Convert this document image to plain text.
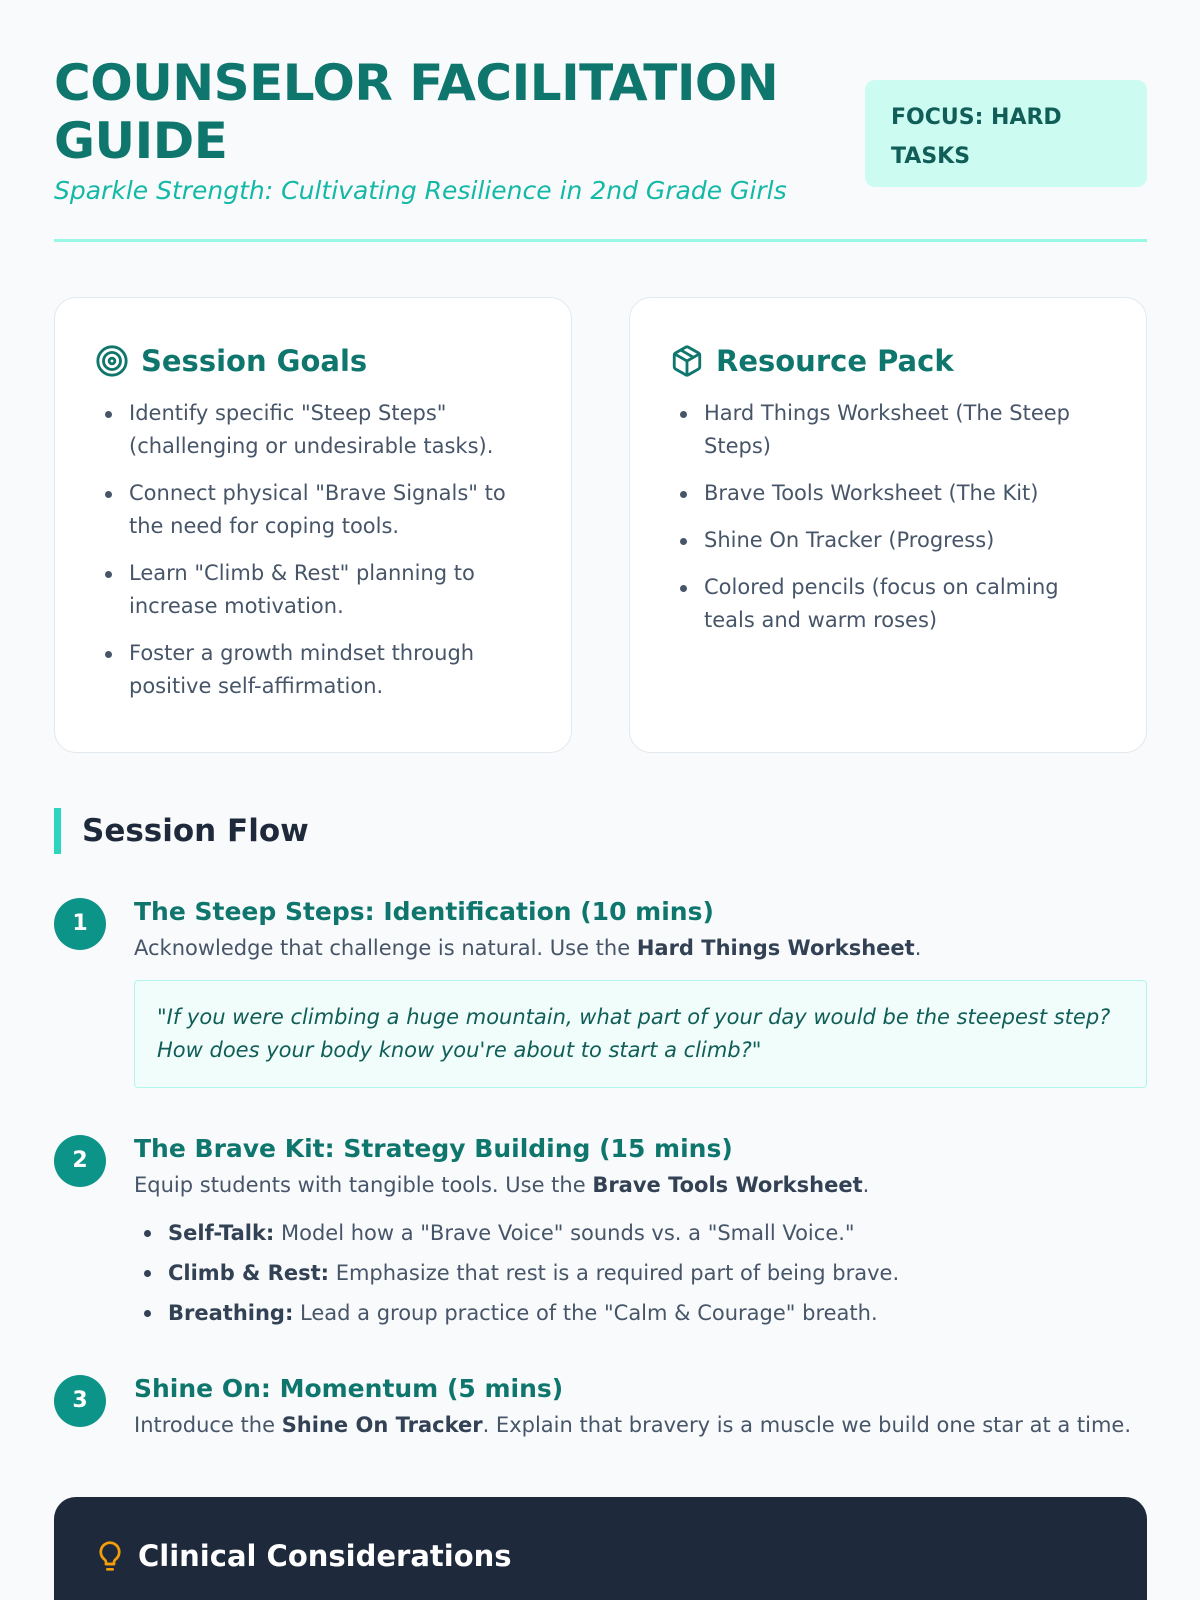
COUNSELOR FACILITATION GUIDE
Sparkle Strength: Cultivating Resilience in 2nd Grade Girls
FOCUS: HARD TASKS
Session Goals
Identify specific "Steep Steps" (challenging or undesirable tasks).
Connect physical "Brave Signals" to the need for coping tools.
Learn "Climb & Rest" planning to increase motivation.
Foster a growth mindset through positive self-affirmation.
Resource Pack
Hard Things Worksheet (The Steep Steps)
Brave Tools Worksheet (The Kit)
Shine On Tracker (Progress)
Colored pencils (focus on calming teals and warm roses)
Session Flow
1	The Steep Steps: Identification (10 mins)
Acknowledge that challenge is natural. Use the Hard Things Worksheet.
"If you were climbing a huge mountain, what part of your day would be the steepest step? How does your body know you're about to start a climb?"
2	The Brave Kit: Strategy Building (15 mins)
Equip students with tangible tools. Use the Brave Tools Worksheet.
Self-Talk: Model how a "Brave Voice" sounds vs. a "Small Voice."
Climb & Rest: Emphasize that rest is a required part of being brave.
Breathing: Lead a group practice of the "Calm & Courage" breath.
3	Shine On: Momentum (5 mins)
Introduce the Shine On Tracker. Explain that bravery is a muscle we build one star at a time.
Clinical Considerations
